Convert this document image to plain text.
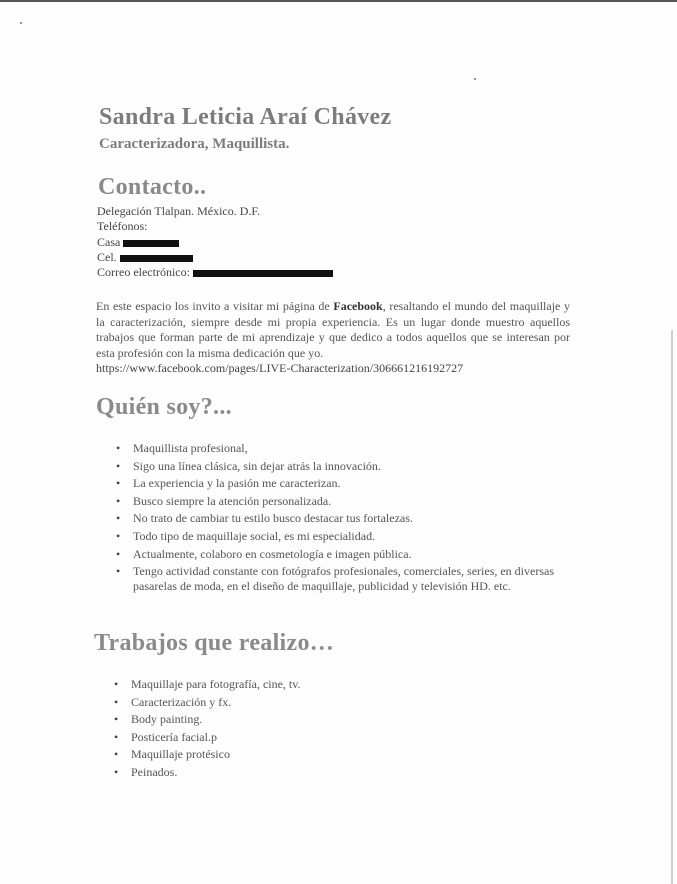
Sandra Leticia Araí Chávez
Caracterizadora, Maquillista.
Contacto..
Delegación Tlalpan. México. D.F.
Teléfonos:
Casa
Cel.
Correo electrónico:
En este espacio los invito a visitar mi página de Facebook, resaltando el mundo del maquillaje y la caracterización, siempre desde mi propia experiencia. Es un lugar donde muestro aquellos trabajos que forman parte de mi aprendizaje y que dedico a todos aquellos que se interesan por esta profesión con la misma dedicación que yo.
https://www.facebook.com/pages/LIVE-Characterization/306661216192727
Quién soy?...
• Maquillista profesional,
• Sigo una línea clásica, sin dejar atrás la innovación.
• La experiencia y la pasión me caracterizan.
• Busco siempre la atención personalizada.
• No trato de cambiar tu estilo busco destacar tus fortalezas.
• Todo tipo de maquillaje social, es mi especialidad.
• Actualmente, colaboro en cosmetología e imagen pública.
• Tengo actividad constante con fotógrafos profesionales, comerciales, series, en diversas pasarelas de moda, en el diseño de maquillaje, publicidad y televisión HD. etc.
Trabajos que realizo…
• Maquillaje para fotografía, cine, tv.
• Caracterización y fx.
• Body painting.
• Posticería facial.p
• Maquillaje protésico
• Peinados.
